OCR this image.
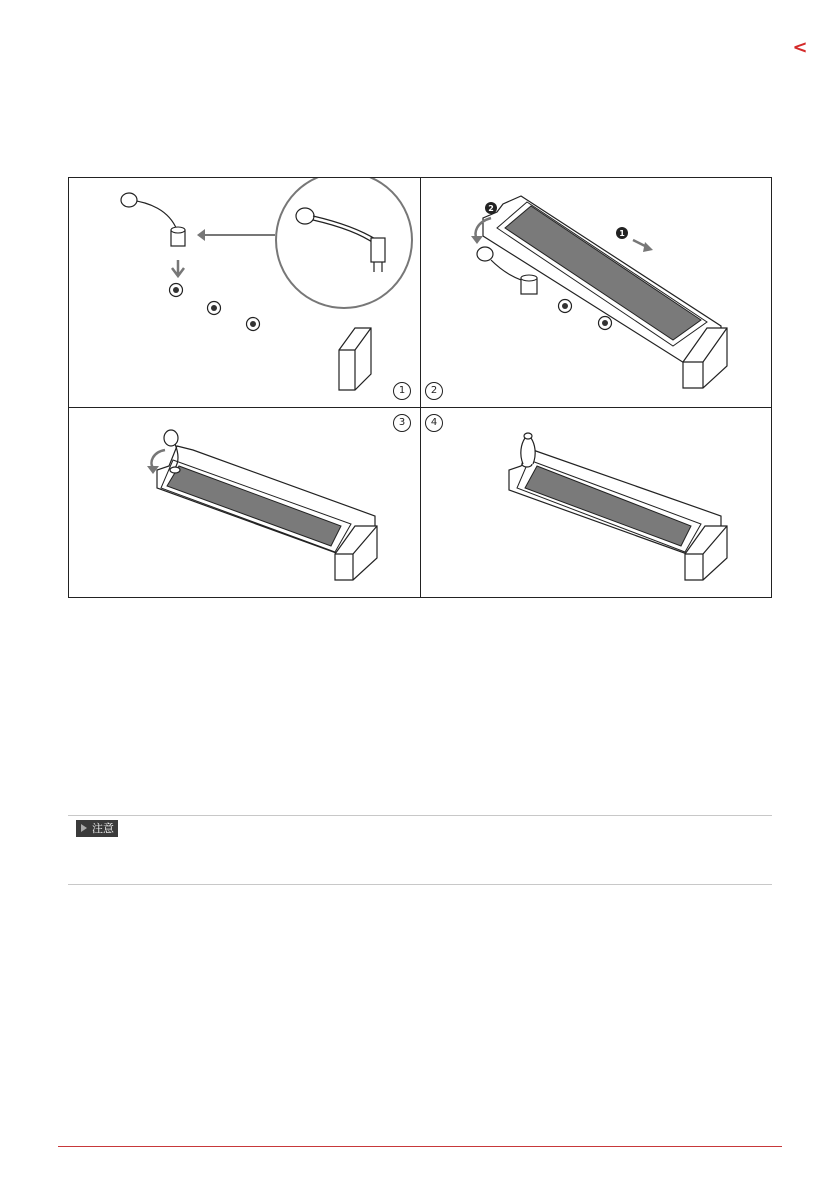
<
1
2
1
2
3	4
注意
